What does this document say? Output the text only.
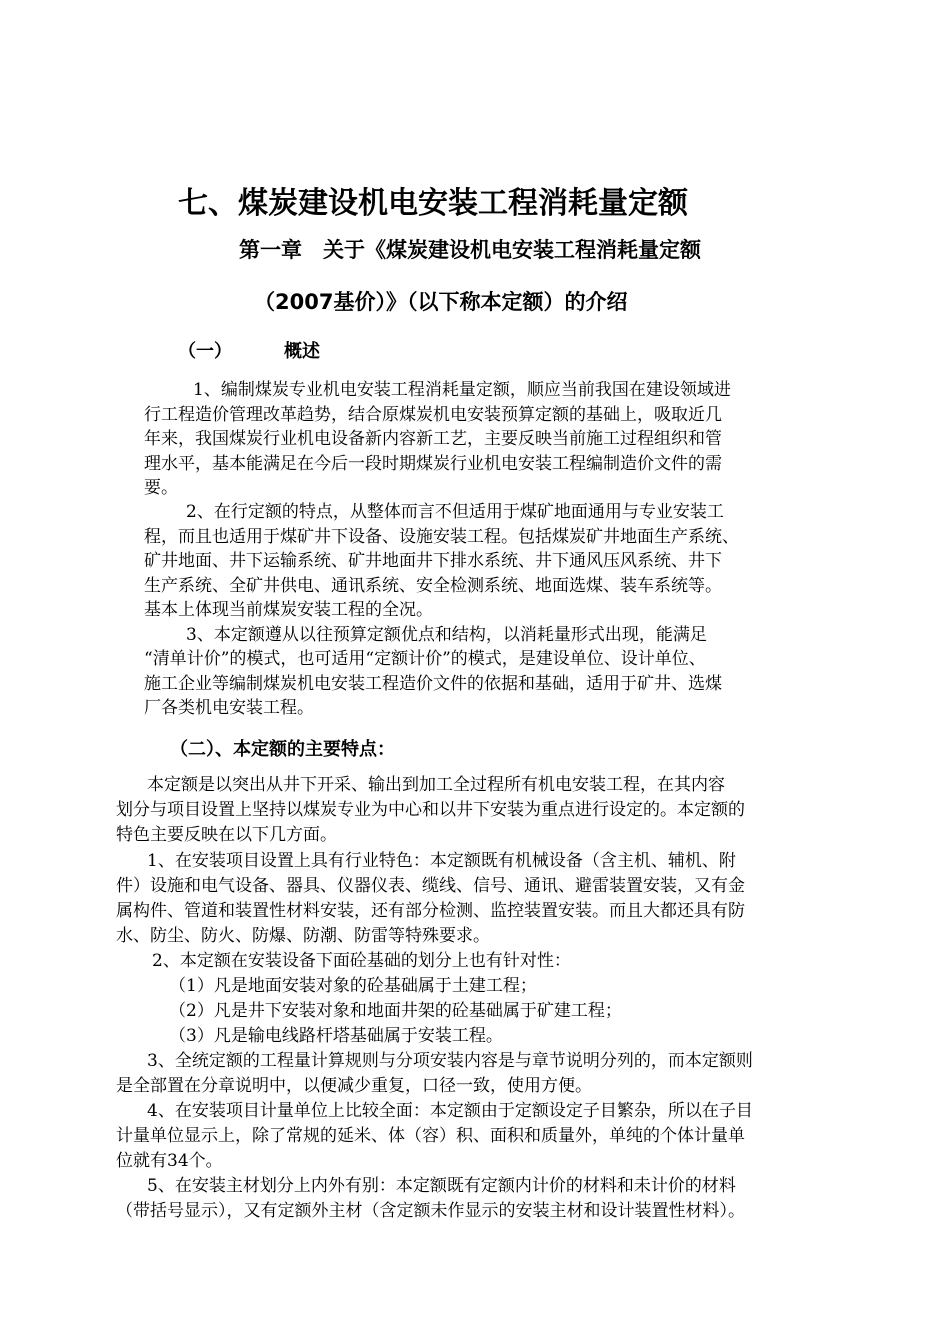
七、煤炭建设机电安装工程消耗量定额
第一章　关于《煤炭建设机电安装工程消耗量定额
（2007基价）》（以下称本定额）的介绍
（一）	概述

1、编制煤炭专业机电安装工程消耗量定额，顺应当前我国在建设领域进

行工程造价管理改革趋势，结合原煤炭机电安装预算定额的基础上，吸取近几

年来，我国煤炭行业机电设备新内容新工艺，主要反映当前施工过程组织和管

理水平，基本能满足在今后一段时期煤炭行业机电安装工程编制造价文件的需

要。

2、在行定额的特点，从整体而言不但适用于煤矿地面通用与专业安装工

程，而且也适用于煤矿井下设备、设施安装工程。包括煤炭矿井地面生产系统、

矿井地面、井下运输系统、矿井地面井下排水系统、井下通风压风系统、井下

生产系统、全矿井供电、通讯系统、安全检测系统、地面选煤、装车系统等。

基本上体现当前煤炭安装工程的全况。

3、本定额遵从以往预算定额优点和结构，以消耗量形式出现，能满足

“清单计价”的模式，也可适用“定额计价”的模式，是建设单位、设计单位、

施工企业等编制煤炭机电安装工程造价文件的依据和基础，适用于矿井、选煤

厂各类机电安装工程。

（二）、本定额的主要特点：

本定额是以突出从井下开采、输出到加工全过程所有机电安装工程，在其内容

划分与项目设置上坚持以煤炭专业为中心和以井下安装为重点进行设定的。本定额的

特色主要反映在以下几方面。

1、在安装项目设置上具有行业特色：本定额既有机械设备（含主机、辅机、附

件）设施和电气设备、器具、仪器仪表、缆线、信号、通讯、避雷装置安装，又有金

属构件、管道和装置性材料安装，还有部分检测、监控装置安装。而且大都还具有防

水、防尘、防火、防爆、防潮、防雷等特殊要求。

2、本定额在安装设备下面砼基础的划分上也有针对性：

（1）凡是地面安装对象的砼基础属于土建工程；

（2）凡是井下安装对象和地面井架的砼基础属于矿建工程；

（3）凡是输电线路杆塔基础属于安装工程。

3、全统定额的工程量计算规则与分项安装内容是与章节说明分列的，而本定额则

是全部置在分章说明中，以便减少重复，口径一致，使用方便。

4、在安装项目计量单位上比较全面：本定额由于定额设定子目繁杂，所以在子目

计量单位显示上，除了常规的延米、体（容）积、面积和质量外，单纯的个体计量单

位就有34个。

5、在安装主材划分上内外有别：本定额既有定额内计价的材料和未计价的材料

（带括号显示），又有定额外主材（含定额未作显示的安装主材和设计装置性材料）。
